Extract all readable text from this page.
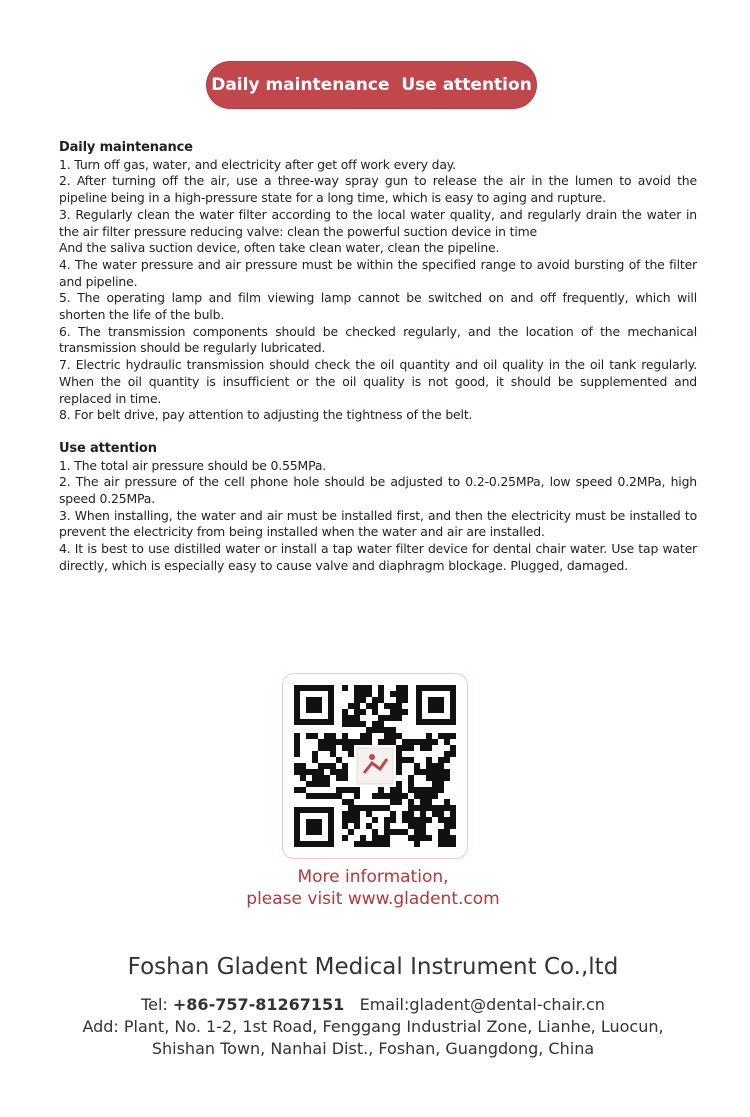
Daily maintenance  Use attention
Daily maintenance

1. Turn off gas, water, and electricity after get off work every day.

2. After turning off the air, use a three-way spray gun to release the air in the lumen to avoid the pipeline being in a high-pressure state for a long time, which is easy to aging and rupture.

3. Regularly clean the water filter according to the local water quality, and regularly drain the water in the air filter pressure reducing valve: clean the powerful suction device in time

And the saliva suction device, often take clean water, clean the pipeline.

4. The water pressure and air pressure must be within the specified range to avoid bursting of the filter and pipeline.

5. The operating lamp and film viewing lamp cannot be switched on and off frequently, which will shorten the life of the bulb.

6. The transmission components should be checked regularly, and the location of the mechanical transmission should be regularly lubricated.

7. Electric hydraulic transmission should check the oil quantity and oil quality in the oil tank regularly. When the oil quantity is insufficient or the oil quality is not good, it should be supplemented and replaced in time.

8. For belt drive, pay attention to adjusting the tightness of the belt.

Use attention

1. The total air pressure should be 0.55MPa.

2. The air pressure of the cell phone hole should be adjusted to 0.2-0.25MPa, low speed 0.2MPa, high speed 0.25MPa.

3. When installing, the water and air must be installed first, and then the electricity must be installed to prevent the electricity from being installed when the water and air are installed.

4. It is best to use distilled water or install a tap water filter device for dental chair water. Use tap water directly, which is especially easy to cause valve and diaphragm blockage. Plugged, damaged.

More information,
please visit www.gladent.com
Foshan Gladent Medical Instrument Co.,ltd
Tel: +86-757-81267151 Email:gladent@dental-chair.cn
Add: Plant, No. 1-2, 1st Road, Fenggang Industrial Zone, Lianhe, Luocun,
Shishan Town, Nanhai Dist., Foshan, Guangdong, China
